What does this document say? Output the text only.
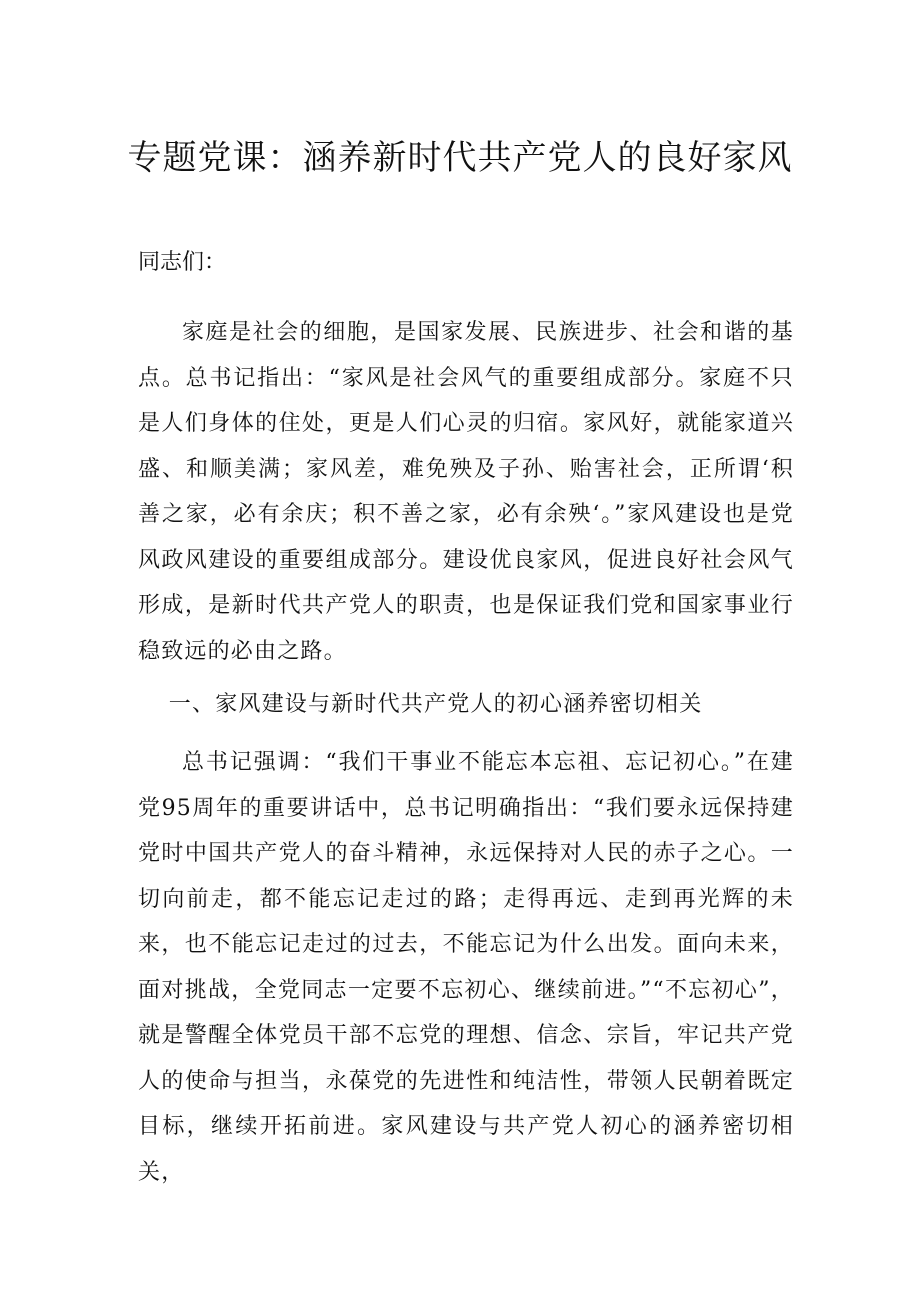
专题党课：涵养新时代共产党人的良好家风

同志们：

家庭是社会的细胞，是国家发展、民族进步、社会和谐的基点。总书记指出：“家风是社会风气的重要组成部分。家庭不只是人们身体的住处，更是人们心灵的归宿。家风好，就能家道兴盛、和顺美满；家风差，难免殃及子孙、贻害社会，正所谓‘积善之家，必有余庆；积不善之家，必有余殃‘。”家风建设也是党风政风建设的重要组成部分。建设优良家风，促进良好社会风气形成，是新时代共产党人的职责，也是保证我们党和国家事业行稳致远的必由之路。

一、家风建设与新时代共产党人的初心涵养密切相关

总书记强调：“我们干事业不能忘本忘祖、忘记初心。”在建党95周年的重要讲话中，总书记明确指出：“我们要永远保持建党时中国共产党人的奋斗精神，永远保持对人民的赤子之心。一切向前走，都不能忘记走过的路；走得再远、走到再光辉的未来，也不能忘记走过的过去，不能忘记为什么出发。面向未来，面对挑战，全党同志一定要不忘初心、继续前进。”“不忘初心”，就是警醒全体党员干部不忘党的理想、信念、宗旨，牢记共产党人的使命与担当，永葆党的先进性和纯洁性，带领人民朝着既定目标，继续开拓前进。家风建设与共产党人初心的涵养密切相关，
